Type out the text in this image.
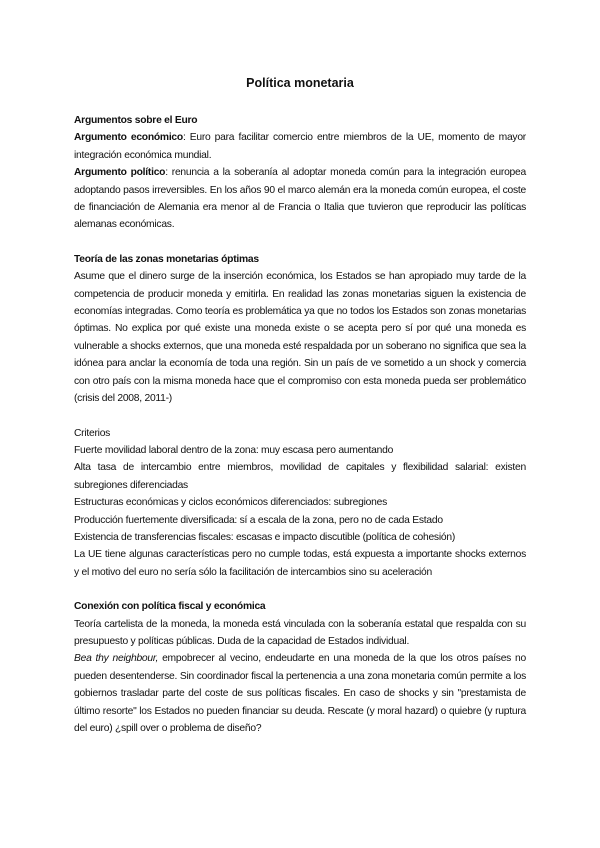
Política monetaria

Argumentos sobre el Euro

Argumento económico: Euro para facilitar comercio entre miembros de la UE, momento de mayor integración económica mundial.

Argumento político: renuncia a la soberanía al adoptar moneda común para la integración europea adoptando pasos irreversibles. En los años 90 el marco alemán era la moneda común europea, el coste de financiación de Alemania era menor al de Francia o Italia que tuvieron que reproducir las políticas alemanas económicas.

Teoría de las zonas monetarias óptimas

Asume que el dinero surge de la inserción económica, los Estados se han apropiado muy tarde de la competencia de producir moneda y emitirla. En realidad las zonas monetarias siguen la existencia de economías integradas. Como teoría es problemática ya que no todos los Estados son zonas monetarias óptimas. No explica por qué existe una moneda existe o se acepta pero sí por qué una moneda es vulnerable a shocks externos, que una moneda esté respaldada por un soberano no significa que sea la idónea para anclar la economía de toda una región. Sin un país de ve sometido a un shock y comercia con otro país con la misma moneda hace que el compromiso con esta moneda pueda ser problemático (crisis del 2008, 2011-)

Criterios

Fuerte movilidad laboral dentro de la zona: muy escasa pero aumentando

Alta tasa de intercambio entre miembros, movilidad de capitales y flexibilidad salarial: existen subregiones diferenciadas

Estructuras económicas y ciclos económicos diferenciados: subregiones

Producción fuertemente diversificada: sí a escala de la zona, pero no de cada Estado

Existencia de transferencias fiscales: escasas e impacto discutible (política de cohesión)

La UE tiene algunas características pero no cumple todas, está expuesta a importante shocks externos y el motivo del euro no sería sólo la facilitación de intercambios sino su aceleración

Conexión con política fiscal y económica

Teoría cartelista de la moneda, la moneda está vinculada con la soberanía estatal que respalda con su presupuesto y políticas públicas. Duda de la capacidad de Estados individual.

Bea thy neighbour, empobrecer al vecino, endeudarte en una moneda de la que los otros países no pueden desentenderse. Sin coordinador fiscal la pertenencia a una zona monetaria común permite a los gobiernos trasladar parte del coste de sus políticas fiscales. En caso de shocks y sin "prestamista de último resorte" los Estados no pueden financiar su deuda. Rescate (y moral hazard) o quiebre (y ruptura del euro) ¿spill over o problema de diseño?
